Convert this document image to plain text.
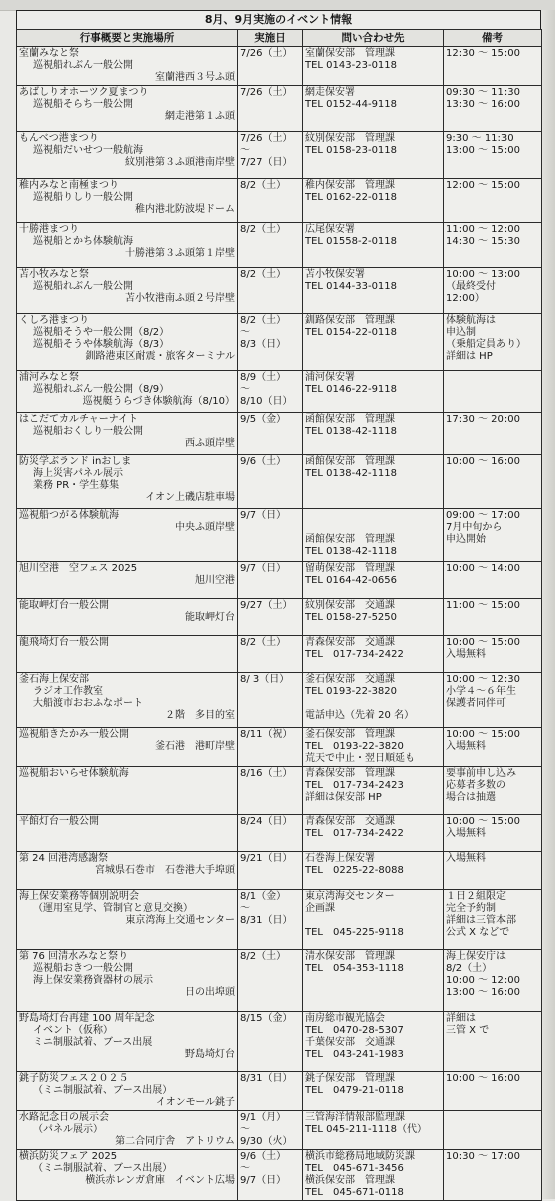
8月、9月実施のイベント情報
行事概要と実施場所	実施日	問い合わせ先	備考

室蘭みなと祭
巡視船れぶん一般公開
室蘭港西３号ふ頭	7/26（土）	室蘭保安部　管理課
TEL 0143-23-0118	12:30 ～ 15:00

あばしりオホーツク夏まつり
巡視船そらち一般公開
網走港第１ふ頭	7/26（土）	網走保安署
TEL 0152-44-9118	09:30 ～ 11:30
13:30 ～ 16:00

もんべつ港まつり
巡視船だいせつ一般航海
紋別港第３ふ頭港南岸壁	7/26（土）
～
7/27（日）	紋別保安部　管理課
TEL 0158-23-0118	9:30 ～ 11:30
13:00 ～ 15:00

稚内みなと南極まつり
巡視船りしり一般公開
稚内港北防波堤ドーム	8/2（土）	稚内保安部　管理課
TEL 0162-22-0118	12:00 ～ 15:00

十勝港まつり
巡視船とかち体験航海
十勝港第３ふ頭第１岸壁	8/2（土）	広尾保安署
TEL 01558-2-0118	11:00 ～ 12:00
14:30 ～ 15:30

苫小牧みなと祭
巡視船れぶん一般公開
苫小牧港南ふ頭２号岸壁	8/2（土）	苫小牧保安署
TEL 0144-33-0118	10:00 ～ 13:00
（最終受付
12:00）

くしろ港まつり
巡視船そうや一般公開（8/2）
巡視船そうや体験航海（8/3）
釧路港東区耐震・旅客ターミナル	8/2（土）
～
8/3（日）	釧路保安部　管理課
TEL 0154-22-0118	体験航海は
申込制
（乗船定員あり）
詳細は HP

浦河みなと祭
巡視船れぶん一般公開（8/9）
巡視艇うらづき体験航海（8/10）	8/9（土）
～
8/10（日）	浦河保安署
TEL 0146-22-9118	

はこだてカルチャーナイト
巡視船おくしり一般公開
西ふ頭岸壁	9/5（金）	函館保安部　管理課
TEL 0138-42-1118	17:30 ～ 20:00

防災学ぶランド inおしま
海上災害パネル展示
業務 PR・学生募集
イオン上磯店駐車場	9/6（土）	函館保安部　管理課
TEL 0138-42-1118	10:00 ～ 16:00

巡視船つがる体験航海
中央ふ頭岸壁	9/7（日）	

函館保安部　管理課
TEL 0138-42-1118	09:00 ～ 17:00
7月中旬から
申込開始

旭川空港　空フェス 2025
旭川空港	9/7（日）	留萌保安部　管理課
TEL 0164-42-0656	10:00 ～ 14:00

能取岬灯台一般公開
能取岬灯台	9/27（土）	紋別保安部　交通課
TEL 0158-27-5250	11:00 ～ 15:00

龍飛埼灯台一般公開	8/2（土）	青森保安部　交通課
TEL　017-734-2422	10:00 ～ 15:00
入場無料

釜石海上保安部
ラジオ工作教室
大船渡市おおふなポート
２階　多目的室	8/ 3（日）	釜石保安部　交通課
TEL 0193-22-3820

電話申込（先着 20 名）	10:00 ～ 12:30
小学４～６年生
保護者同伴可

巡視船きたかみ一般公開
釜石港　港町岸壁	8/11（祝）	釜石保安部　管理課
TEL　0193-22-3820
荒天で中止・翌日順延も	10:00 ～ 15:00
入場無料

巡視船おいらせ体験航海	8/16（土）	青森保安部　管理課
TEL　017-734-2423
詳細は保安部 HP	要事前申し込み
応募者多数の
場合は抽選

平館灯台一般公開	8/24（日）	青森保安部　交通課
TEL　017-734-2422	10:00 ～ 15:00
入場無料

第 24 回港湾感謝祭
宮城県石巻市　石巻港大手埠頭	9/21（日）	石巻海上保安署
TEL　0225-22-8088	入場無料

海上保安業務等個別説明会
（運用室見学、管制官と意見交換）
東京湾海上交通センター	8/1（金）
～
8/31（日）	東京湾海交センター
企画課

TEL　045-225-9118	１日２組限定
完全予約制
詳細は三管本部
公式 X などで

第 76 回清水みなと祭り
巡視船おきつ一般公開
海上保安業務資器材の展示
日の出埠頭	8/2（土）	清水保安部　管理課
TEL　054-353-1118	海上保安庁は
8/2（土）
10:00 ～ 12:00
13:00 ～ 16:00

野島埼灯台再建 100 周年記念
イベント（仮称）
ミニ制服試着、ブース出展
野島埼灯台	8/15（金）	南房総市観光協会
TEL　0470-28-5307
千葉保安部　交通課
TEL　043-241-1983	詳細は
三管 X で

銚子防災フェス２０２５
（ミニ制服試着、ブース出展）
イオンモール銚子	8/31（日）	銚子保安部　管理課
TEL　0479-21-0118	10:00 ～ 16:00

水路記念日の展示会
（パネル展示）
第二合同庁舎　アトリウム	9/1（月）
～
9/30（火）	三管海洋情報部監理課
TEL 045-211-1118（代）	

横浜防災フェア 2025
（ミニ制服試着、ブース出展）
横浜赤レンガ倉庫　イベント広場	9/6（土）
～
9/7（日）	横浜市総務局地域防災課
TEL　045-671-3456
横浜保安部　管理課
TEL　045-671-0118	10:30 ～ 17:00
